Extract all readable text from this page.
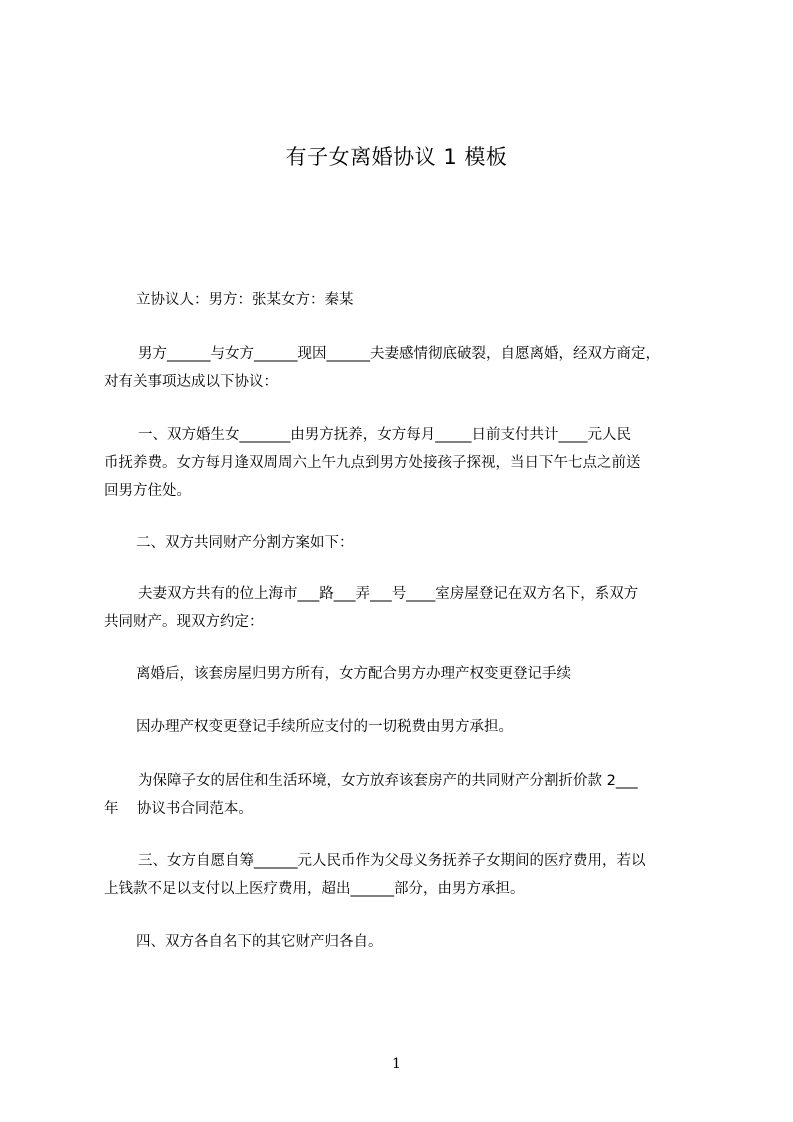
有子女离婚协议 1 模板
立协议人：男方：张某女方：秦某
男方______与女方______现因______夫妻感情彻底破裂，自愿离婚，经双方商定，
对有关事项达成以下协议：
一、双方婚生女_______由男方抚养，女方每月_____日前支付共计____元人民
币抚养费。女方每月逢双周周六上午九点到男方处接孩子探视，当日下午七点之前送
回男方住处。
二、双方共同财产分割方案如下：
夫妻双方共有的位上海市___路___弄___号____室房屋登记在双方名下，系双方
共同财产。现双方约定：
离婚后，该套房屋归男方所有，女方配合男方办理产权变更登记手续
因办理产权变更登记手续所应支付的一切税费由男方承担。
为保障子女的居住和生活环境，女方放弃该套房产的共同财产分割折价款 2___
年    协议书合同范本。
三、女方自愿自筹______元人民币作为父母义务抚养子女期间的医疗费用，若以
上钱款不足以支付以上医疗费用，超出______部分，由男方承担。
四、双方各自名下的其它财产归各自。
1
